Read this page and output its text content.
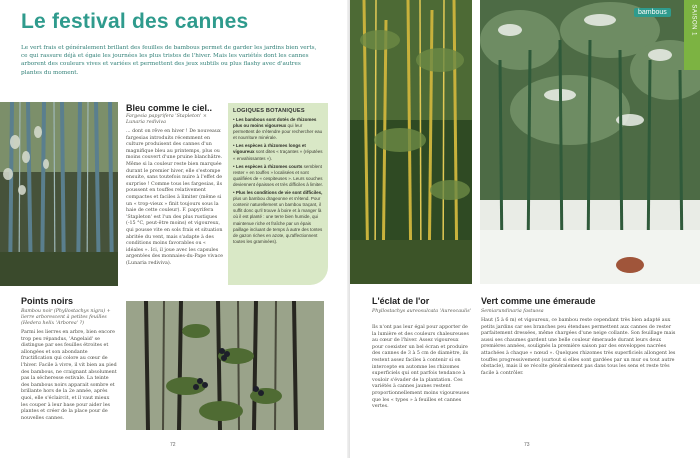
Le festival des cannes
Le vert frais et généralement brillant des feuilles de bambous permet de garder les jardins bien verts, ce qui rassure déjà et égaie les journées les plus tristes de l'hiver. Mais les variétés dont les cannes arborent des couleurs vives et variées et permettent des jeux subtils ou plus flashy avec d'autres plantes du moment.
Bleu comme le ciel..
Fargesia papyrifera 'Stapleton' × Lunaria rediviva
... dont on rêve en hiver ! De nouveaux fargesias introduits récemment en culture produisent des cannes d'un magnifique bleu au printemps, plus ou moins couvert d'une pruine blanchâtre. Même si la couleur reste bien marquée durant le premier hiver, elle s'estompe ensuite, sans toutefois nuire à l'effet de surprise ! Comme tous les fargesias, ils poussent en touffes relativement compactes et faciles à limiter (même si un « trop-vieux » finit toujours sous la haie de cette couleur). F. papyrifera 'Stapleton' est l'un des plus rustiques (-15 °C, peut-être moins) et vigoureux, qui pousse vite en sols frais et situation abritée du vent, mais s'adapte à des conditions moins favorables ou « idéales ». Ici, il joue avec les capsules argentées des monnaies-du-Pape vivace (Lunaria rediviva).
LOGIQUES BOTANIQUES

• Les bambous sont dotés de rhizomes plus ou moins vigoureux qui leur permettent de s'étendre pour rechercher eau et nourriture minérale.

• Les espèces à rhizomes longs et vigoureux sont dites « traçantes » (réputées « envahissantes »).

• Les espèces à rhizomes courts semblent rester « en touffes » localisées et sont qualifiées de « cespiteuses ». Leurs souches deviennent épaisses et très difficiles à limiter.

• Plus les conditions de vie sont difficiles, plus un bambou drageonne et s'étend. Pour contenir naturellement un bambou traçant, il suffit donc qu'il trouve à boire et à manger là où il est planté : une terre bien humide, qui maintenue riche et fraîche par un épais paillage incluant de temps à autre des tontes de gazon riches en azote, qu'affectionnent toutes les graminées).

Points noirs
Bambou noir (Phyllostachys nigra) + lierre arborescent à petites feuilles (Hedera helix 'Arborea' ?)
Parmi les lierres en arbre, bien encore trop peu répandus, 'Angelaid' se distingue par ses feuilles étroites et allongées et son abondante fructification qui colore au cœur de l'hiver. Facile à vivre, il vit bien au pied des bambous, ne craignant absolument pas la sécheresse estivale. La teinte des bambous noirs apparait sombre et brillante hors de la 2e année, après quoi, elle s'éclaircit, et il vaut mieux les couper à leur base pour aider les plantes et créer de la place pour de nouvelles cannes.
72
bambous	SAISON 1
L'éclat de l'or
Phyllostachys aureosulcata 'Aureocaulis'
Ils n'ont pas leur égal pour apporter de la lumière et des couleurs chaleureuses au cœur de l'hiver. Assez vigoureux pour coexister un bel écran et produire des cannes de 3 à 5 cm de diamètre, ils restent assez faciles à contenir si on intercepte en automne les rhizomes superficiels qui ont parfois tendance à vouloir s'évader de la plantation. Ces variétés à cannes jaunes restent proportionnellement moins vigoureuses que les « types » à feuilles et cannes vertes.
Vert comme une émeraude
Semiarundinaria fastuosa
Haut (5 à 6 m) et vigoureux, ce bambou reste cependant très bien adapté aux petits jardins car ses branches peu étendues permettent aux cannes de rester parfaitement dressées, même chargées d'une neige collante. Son feuillage mais aussi ses chaumes gardent une belle couleur émeraude durant leurs deux premières années, soulignés la première saison par des enveloppes nacrées attachées à chaque « nœud ». Quelques rhizomes très superficiels allongent les touffes progressivement (surtout si elles sont gardées par un mur ou tout autre obstacle), mais il se récolte généralement pas dans tous les sens et reste très facile à contrôler.
73
